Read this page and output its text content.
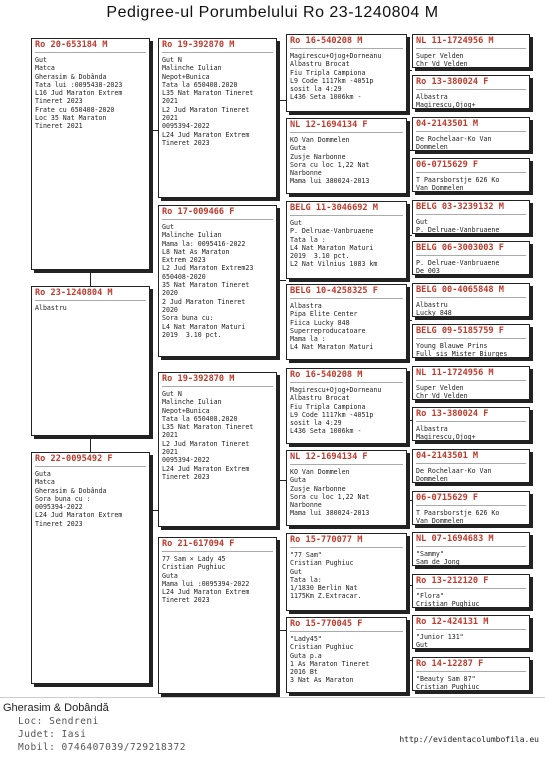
Pedigree-ul Porumbelului Ro 23-1240804 M
Ro 20-653184 M
Gut
Matca
Gherasim & Dobânda
Tata lui :0095438-2023
L16 Jud Maraton Extrem
Tineret 2023
Frate cu 650408-2020
Loc 35 Nat Maraton
Tineret 2021
Ro 23-1240804 M
Albastru
Ro 22-0095492 F
Guta
Matca
Gherasim & Dobânda
Sora buna cu :
0095394-2022
L24 Jud Maraton Extrem
Tineret 2023
Ro 19-392870 M
Gut N
Malinche Iulian
Nepot+Bunica
Tata la 650408.2020
L35 Nat Maraton Tineret
2021
L2 Jud Maraton Tineret
2021
0095394-2022
L24 Jud Maraton Extrem
Tineret 2023
Ro 17-009466 F
Gut
Malinche Iulian
Mama la: 0095416-2022
L8 Nat As Maraton
Extrem 2023
L2 Jud Maraton Extrem23
650408-2020
35 Nat Maraton Tineret
2020
2 Jud Maraton Tineret
2020
Sora buna cu:
L4 Nat Maraton Maturi
2019  3.10 pct.
Ro 19-392870 M
Gut N
Malinche Iulian
Nepot+Bunica
Tata la 650408.2020
L35 Nat Maraton Tineret
2021
L2 Jud Maraton Tineret
2021
0095394-2022
L24 Jud Maraton Extrem
Tineret 2023
Ro 21-617094 F
77 Sam × Lady 45
Cristian Pughiuc
Guta
Mama lui :0095394-2022
L24 Jud Maraton Extrem
Tineret 2023
Ro 16-540208 M
Magirescu+Ojog+Dorneanu
Albastru Brocat
Fiu Tripla Campiona
L9 Code 1117km -4051p
sosit la 4:29
L436 Seta 1006km -
NL 12-1694134 F
KO Van Dommelen
Guta
Zusje Narbonne
Sora cu loc 1,22 Nat
Narbonne
Mama lui 380024-2013
BELG 11-3046692 M
Gut
P. Delruae-Vanbruaene
Tata la :
L4 Nat Maraton Maturi
2019  3.10 pct.
L2 Nat Vilnius 1083 km
BELG 10-4258325 F
Albastra
Pipa Elite Center
Fiica Lucky 848
Superreproducatoare
Mama la :
L4 Nat Maraton Maturi
Ro 16-540208 M
Magirescu+Ojog+Dorneanu
Albastru Brocat
Fiu Tripla Campiona
L9 Code 1117km -4051p
sosit la 4:29
L436 Seta 1006km -
NL 12-1694134 F
KO Van Dommelen
Guta
Zusje Narbonne
Sora cu loc 1,22 Nat
Narbonne
Mama lui 380024-2013
Ro 15-770077 M
"77 Sam"
Cristian Pughiuc
Gut
Tata la:
1/1830 Berlin Nat
1175Km Z.Extracar.
Ro 15-770045 F
"Lady45"
Cristian Pughiuc
Guta p.a
1 As Maraton Tineret
2016 Bt
3 Nat As Maraton
NL 11-1724956 M
Super Velden
Chr Vd Velden
Ro 13-380024 F
Albastra
Magirescu,Ojog+
04-2143501 M
De Rochelaar-Ko Van
Dommelen
06-0715629 F
T Paarsborstje 626 Ko
Van Dommelen
BELG 03-3239132 M
Gut
P. Delruae-Vanbruaene
BELG 06-3003003 F
P. Delruae-Vanbruaene
De 003
BELG 00-4065848 M
Albastru
Lucky 848
BELG 09-5185759 F
Young Blauwe Prins
Full sis Mister Biurges
NL 11-1724956 M
Super Velden
Chr Vd Velden
Ro 13-380024 F
Albastra
Magirescu,Ojog+
04-2143501 M
De Rochelaar-Ko Van
Dommelen
06-0715629 F
T Paarsborstje 626 Ko
Van Dommelen
NL 07-1694683 M
"Sammy"
Sam de Jong
Ro 13-212120 F
"Flora"
Cristian Pughiuc
Ro 12-424131 M
"Junior 131"
Gut
Ro 14-12287 F
"Beauty Sam 87"
Cristian Pughiuc
Gherasim & Dobândă
Loc: Sendreni
Judet: Iasi
Mobil: 0746407039/729218372
http://evidentacolumbofila.eu
